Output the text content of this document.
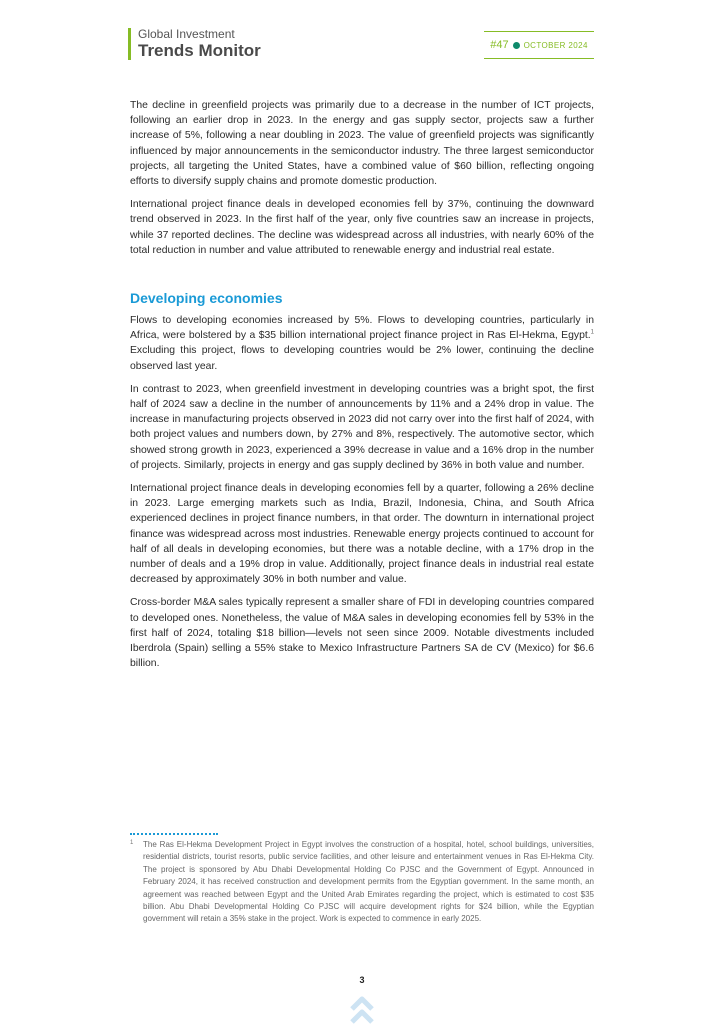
Global Investment
Trends Monitor	#47 OCTOBER 2024

The decline in greenfield projects was primarily due to a decrease in the number of ICT projects, following an earlier drop in 2023. In the energy and gas supply sector, projects saw a further increase of 5%, following a near doubling in 2023. The value of greenfield projects was significantly influenced by major announcements in the semiconductor industry. The three largest semiconductor projects, all targeting the United States, have a combined value of $60 billion, reflecting ongoing efforts to diversify supply chains and promote domestic production.

International project finance deals in developed economies fell by 37%, continuing the downward trend observed in 2023. In the first half of the year, only five countries saw an increase in projects, while 37 reported declines. The decline was widespread across all industries, with nearly 60% of the total reduction in number and value attributed to renewable energy and industrial real estate.

Developing economies

Flows to developing economies increased by 5%. Flows to developing countries, particularly in Africa, were bolstered by a $35 billion international project finance project in Ras El-Hekma, Egypt.$^1$ Excluding this project, flows to developing countries would be 2% lower, continuing the decline observed last year.

In contrast to 2023, when greenfield investment in developing countries was a bright spot, the first half of 2024 saw a decline in the number of announcements by 11% and a 24% drop in value. The increase in manufacturing projects observed in 2023 did not carry over into the first half of 2024, with both project values and numbers down, by 27% and 8%, respectively. The automotive sector, which showed strong growth in 2023, experienced a 39% decrease in value and a 16% drop in the number of projects. Similarly, projects in energy and gas supply declined by 36% in both value and number.

International project finance deals in developing economies fell by a quarter, following a 26% decline in 2023. Large emerging markets such as India, Brazil, Indonesia, China, and South Africa experienced declines in project finance numbers, in that order. The downturn in international project finance was widespread across most industries. Renewable energy projects continued to account for half of all deals in developing economies, but there was a notable decline, with a 17% drop in the number of deals and a 19% drop in value. Additionally, project finance deals in industrial real estate decreased by approximately 30% in both number and value.

Cross-border M&A sales typically represent a smaller share of FDI in developing countries compared to developed ones. Nonetheless, the value of M&A sales in developing economies fell by 53% in the first half of 2024, totaling $18 billion—levels not seen since 2009. Notable divestments included Iberdrola (Spain) selling a 55% stake to Mexico Infrastructure Partners SA de CV (Mexico) for $6.6 billion.

1	The Ras El-Hekma Development Project in Egypt involves the construction of a hospital, hotel, school buildings, universities, residential districts, tourist resorts, public service facilities, and other leisure and entertainment venues in Ras El-Hekma City. The project is sponsored by Abu Dhabi Developmental Holding Co PJSC and the Government of Egypt. Announced in February 2024, it has received construction and development permits from the Egyptian government. In the same month, an agreement was reached between Egypt and the United Arab Emirates regarding the project, which is estimated to cost $35 billion. Abu Dhabi Developmental Holding Co PJSC will acquire development rights for $24 billion, while the Egyptian government will retain a 35% stake in the project. Work is expected to commence in early 2025.
3
